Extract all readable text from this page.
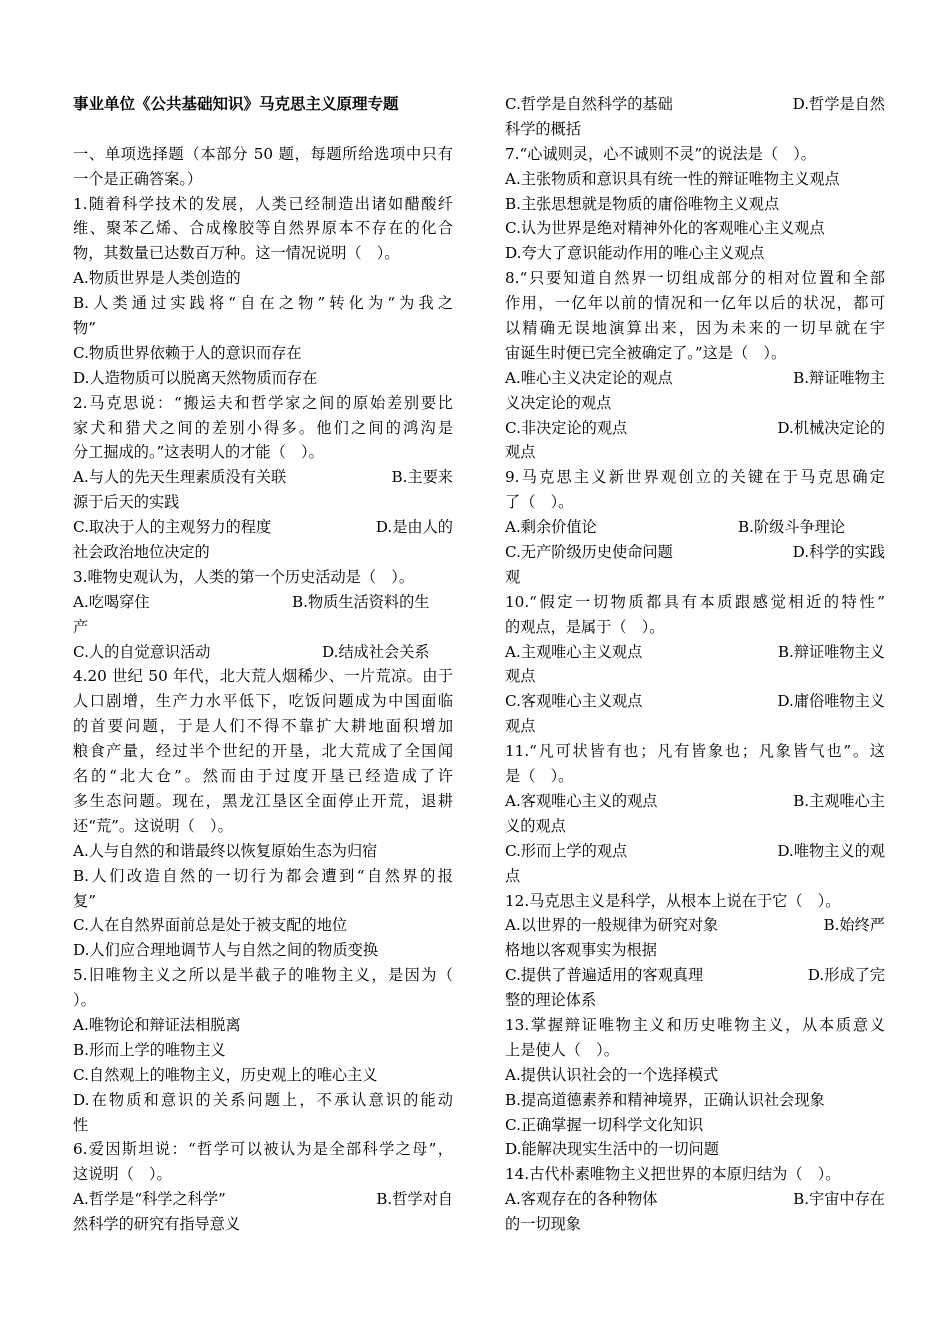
事业单位《公共基础知识》马克思主义原理专题
一、单项选择题（本部分 50 题，每题所给选项中只有
一个是正确答案。）
1.随着科学技术的发展，人类已经制造出诸如醋酸纤
维、聚苯乙烯、合成橡胶等自然界原本不存在的化合
物，其数量已达数百万种。这一情况说明（　）。
A.物质世界是人类创造的
B.人类通过实践将“自在之物”转化为“为我之
物”
C.物质世界依赖于人的意识而存在
D.人造物质可以脱离天然物质而存在
2.马克思说：“搬运夫和哲学家之间的原始差别要比
家犬和猎犬之间的差别小得多。他们之间的鸿沟是
分工掘成的。”这表明人的才能（　）。
A.与人的先天生理素质没有关联	B.主要来
源于后天的实践
C.取决于人的主观努力的程度	D.是由人的
社会政治地位决定的
3.唯物史观认为，人类的第一个历史活动是（　）。
A.吃喝穿住	B.物质生活资料的生
产
C.人的自觉意识活动	D.结成社会关系
4.20 世纪 50 年代，北大荒人烟稀少、一片荒凉。由于
人口剧增，生产力水平低下，吃饭问题成为中国面临
的首要问题，于是人们不得不靠扩大耕地面积增加
粮食产量，经过半个世纪的开垦，北大荒成了全国闻
名的“北大仓”。然而由于过度开垦已经造成了许
多生态问题。现在，黑龙江垦区全面停止开荒，退耕
还“荒”。这说明（　）。
A.人与自然的和谐最终以恢复原始生态为归宿
B.人们改造自然的一切行为都会遭到“自然界的报
复”
C.人在自然界面前总是处于被支配的地位
D.人们应合理地调节人与自然之间的物质变换
5.旧唯物主义之所以是半截子的唯物主义，是因为（
）。
A.唯物论和辩证法相脱离
B.形而上学的唯物主义
C.自然观上的唯物主义，历史观上的唯心主义
D.在物质和意识的关系问题上，不承认意识的能动
性
6.爱因斯坦说：“哲学可以被认为是全部科学之母”，
这说明（　）。
A.哲学是“科学之科学”	B.哲学对自
然科学的研究有指导意义
C.哲学是自然科学的基础	D.哲学是自然
科学的概括
7.“心诚则灵，心不诚则不灵”的说法是（　）。
A.主张物质和意识具有统一性的辩证唯物主义观点
B.主张思想就是物质的庸俗唯物主义观点
C.认为世界是绝对精神外化的客观唯心主义观点
D.夸大了意识能动作用的唯心主义观点
8.“只要知道自然界一切组成部分的相对位置和全部
作用，一亿年以前的情况和一亿年以后的状况，都可
以精确无误地演算出来，因为未来的一切早就在宇
宙诞生时便已完全被确定了。”这是（　）。
A.唯心主义决定论的观点	B.辩证唯物主
义决定论的观点
C.非决定论的观点	D.机械决定论的
观点
9.马克思主义新世界观创立的关键在于马克思确定
了（　）。
A.剩余价值论	B.阶级斗争理论
C.无产阶级历史使命问题	D.科学的实践
观
10.“假定一切物质都具有本质跟感觉相近的特性”
的观点，是属于（　）。
A.主观唯心主义观点	B.辩证唯物主义
观点
C.客观唯心主义观点	D.庸俗唯物主义
观点
11.“凡可状皆有也；凡有皆象也；凡象皆气也”。这
是（　）。
A.客观唯心主义的观点	B.主观唯心主
义的观点
C.形而上学的观点	D.唯物主义的观
点
12.马克思主义是科学，从根本上说在于它（　）。
A.以世界的一般规律为研究对象	B.始终严
格地以客观事实为根据
C.提供了普遍适用的客观真理	D.形成了完
整的理论体系
13.掌握辩证唯物主义和历史唯物主义，从本质意义
上是使人（　）。
A.提供认识社会的一个选择模式
B.提高道德素养和精神境界，正确认识社会现象
C.正确掌握一切科学文化知识
D.能解决现实生活中的一切问题
14.古代朴素唯物主义把世界的本原归结为（　）。
A.客观存在的各种物体	B.宇宙中存在
的一切现象
